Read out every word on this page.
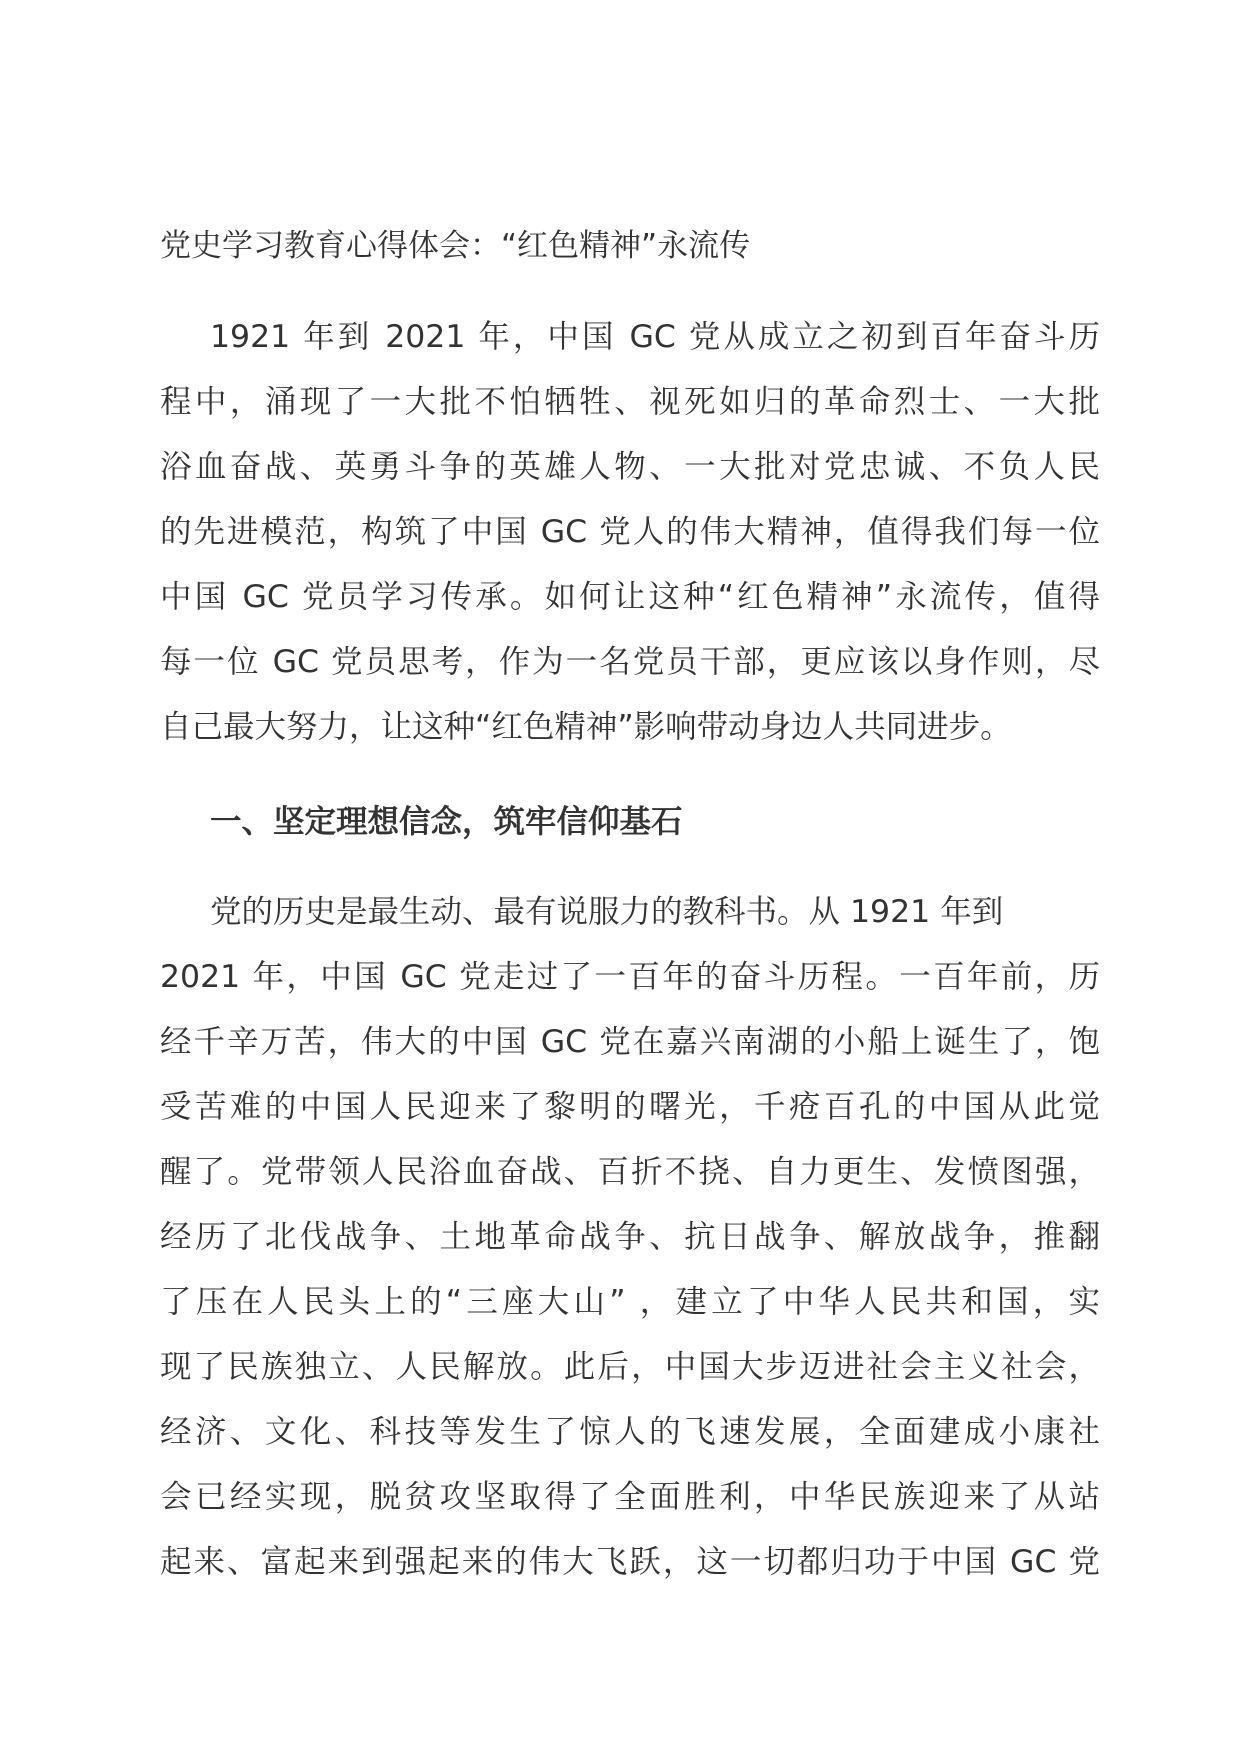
党史学习教育心得体会：“红色精神”永流传
1921 年到 2021 年，中国 GC 党从成立之初到百年奋斗历
程中，涌现了一大批不怕牺牲、视死如归的革命烈士、一大批
浴血奋战、英勇斗争的英雄人物、一大批对党忠诚、不负人民
的先进模范，构筑了中国 GC 党人的伟大精神，值得我们每一位
中国 GC 党员学习传承。如何让这种“红色精神”永流传，值得
每一位 GC 党员思考，作为一名党员干部，更应该以身作则，尽
自己最大努力，让这种“红色精神”影响带动身边人共同进步。
一、坚定理想信念，筑牢信仰基石
党的历史是最生动、最有说服力的教科书。从 1921 年到
2021 年，中国 GC 党走过了一百年的奋斗历程。一百年前，历
经千辛万苦，伟大的中国 GC 党在嘉兴南湖的小船上诞生了，饱
受苦难的中国人民迎来了黎明的曙光，千疮百孔的中国从此觉
醒了。党带领人民浴血奋战、百折不挠、自力更生、发愤图强，
经历了北伐战争、土地革命战争、抗日战争、解放战争，推翻
了压在人民头上的“三座大山” ，建立了中华人民共和国，实
现了民族独立、人民解放。此后，中国大步迈进社会主义社会，
经济、文化、科技等发生了惊人的飞速发展，全面建成小康社
会已经实现，脱贫攻坚取得了全面胜利，中华民族迎来了从站
起来、富起来到强起来的伟大飞跃，这一切都归功于中国 GC 党
